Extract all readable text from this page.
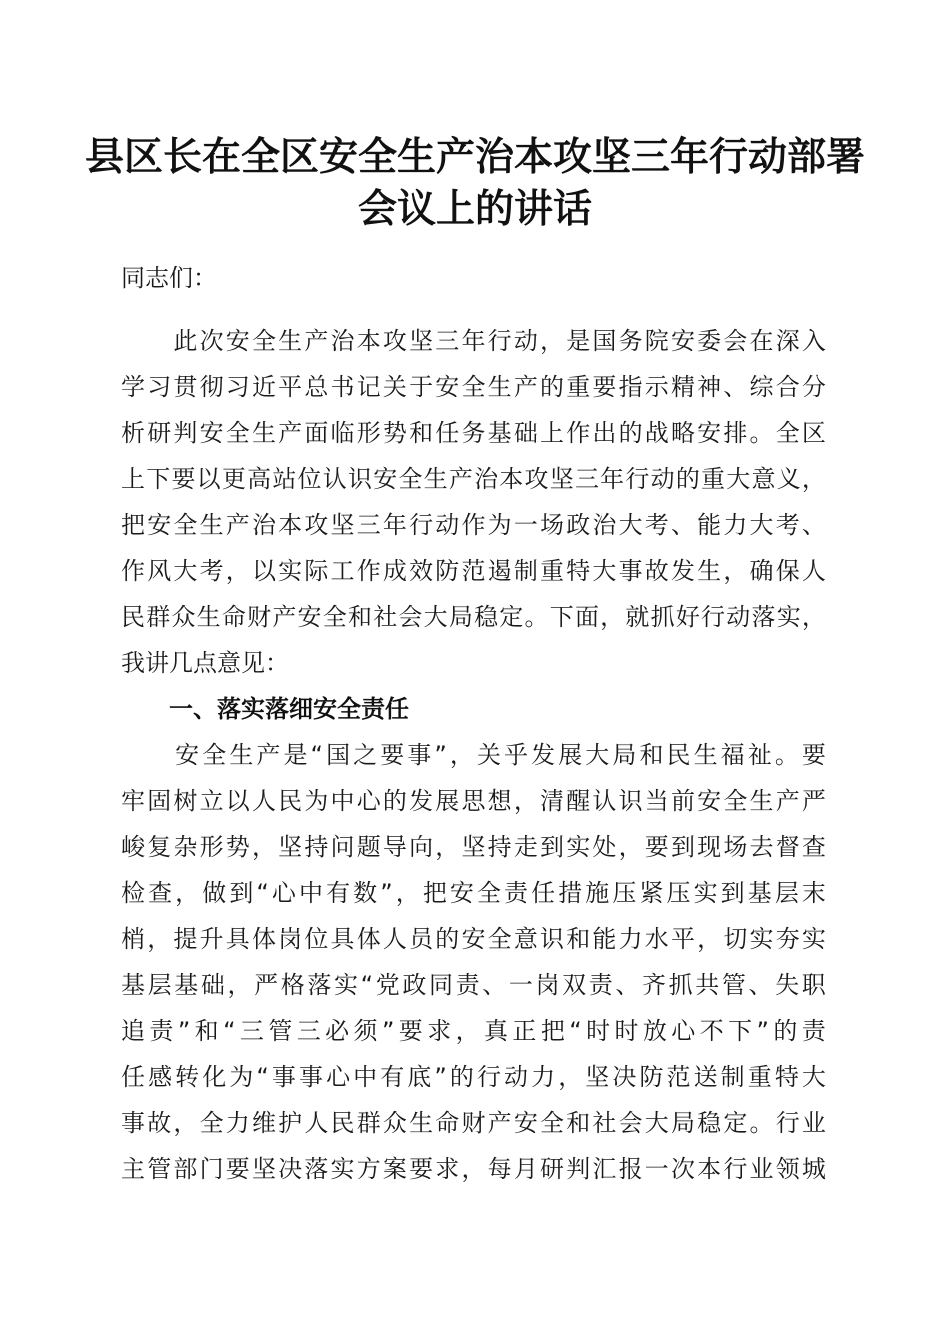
县区长在全区安全生产治本攻坚三年行动部署
会议上的讲话
同志们：

此 次 安 全 生 产 治 本 攻 坚 三 年 行 动 ， 是 国 务 院 安 委 会 在 深 入
学 习 贯 彻 习 近 平 总 书 记 关 于 安 全 生 产 的 重 要 指 示 精 神 、 综 合 分
析 研 判 安 全 生 产 面 临 形 势 和 任 务 基 础 上 作 出 的 战 略 安 排 。 全 区
上 下 要 以 更 高 站 位 认 识 安 全 生 产 治 本 攻 坚 三 年 行 动 的 重 大 意 义 ，
把 安 全 生 产 治 本 攻 坚 三 年 行 动 作 为 一 场 政 治 大 考 、 能 力 大 考 、
作 风 大 考 ， 以 实 际 工 作 成 效 防 范 遏 制 重 特 大 事 故 发 生 ， 确 保 人
民 群 众 生 命 财 产 安 全 和 社 会 大 局 稳 定 。 下 面 ， 就 抓 好 行 动 落 实 ，
我讲几点意见：
　　一、落实落细安全责任

安 全 生 产 是 “ 国 之 要 事 ” ， 关 乎 发 展 大 局 和 民 生 福 祉 。 要
牢 固 树 立 以 人 民 为 中 心 的 发 展 思 想 ， 清 醒 认 识 当 前 安 全 生 产 严
峻 复 杂 形 势 ， 坚 持 问 题 导 向 ， 坚 持 走 到 实 处 ， 要 到 现 场 去 督 查
检 查 ， 做 到 “ 心 中 有 数 ” ， 把 安 全 责 任 措 施 压 紧 压 实 到 基 层 末
梢 ， 提 升 具 体 岗 位 具 体 人 员 的 安 全 意 识 和 能 力 水 平 ， 切 实 夯 实
基 层 基 础 ， 严 格 落 实 “ 党 政 同 责 、 一 岗 双 责 、 齐 抓 共 管 、 失 职
追 责 ” 和 “ 三 管 三 必 须 ” 要 求 ， 真 正 把 “ 时 时 放 心 不 下 ” 的 责
任 感 转 化 为 “ 事 事 心 中 有 底 ” 的 行 动 力 ， 坚 决 防 范 送 制 重 特 大
事 故 ， 全 力 维 护 人 民 群 众 生 命 财 产 安 全 和 社 会 大 局 稳 定 。 行 业
主 管 部 门 要 坚 决 落 实 方 案 要 求 ， 每 月 研 判 汇 报 一 次 本 行 业 领 城
